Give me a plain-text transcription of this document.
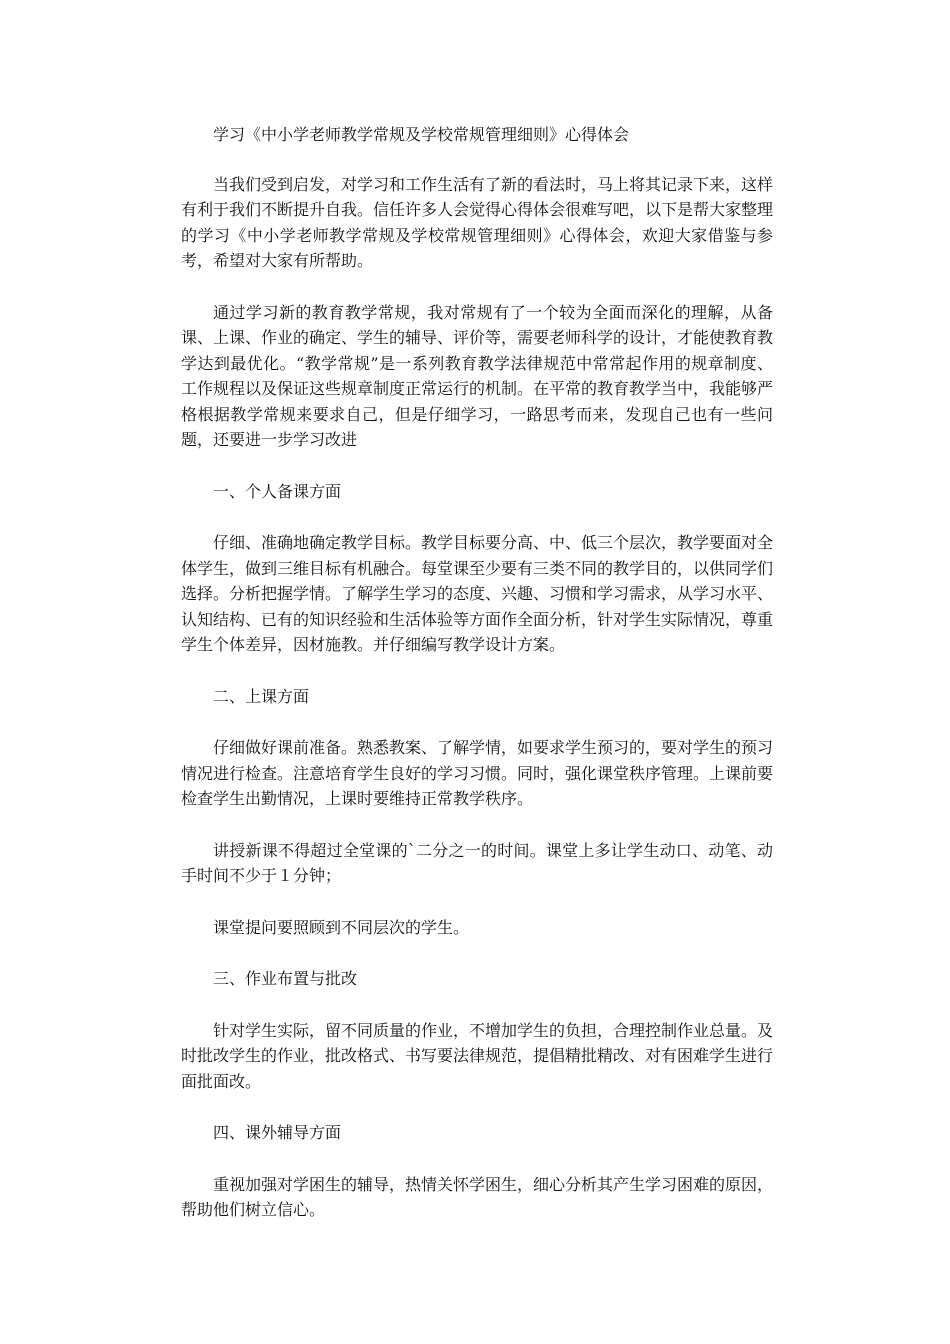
学习《中小学老师教学常规及学校常规管理细则》心得体会

当我们受到启发，对学习和工作生活有了新的看法时，马上将其记录下来，这样有利于我们不断提升自我。信任许多人会觉得心得体会很难写吧，以下是帮大家整理的学习《中小学老师教学常规及学校常规管理细则》心得体会，欢迎大家借鉴与参考，希望对大家有所帮助。

通过学习新的教育教学常规，我对常规有了一个较为全面而深化的理解，从备课、上课、作业的确定、学生的辅导、评价等，需要老师科学的设计，才能使教育教学达到最优化。“教学常规”是一系列教育教学法律规范中常常起作用的规章制度、工作规程以及保证这些规章制度正常运行的机制。在平常的教育教学当中，我能够严格根据教学常规来要求自己，但是仔细学习，一路思考而来，发现自己也有一些问题，还要进一步学习改进

一、个人备课方面

仔细、准确地确定教学目标。教学目标要分高、中、低三个层次，教学要面对全体学生，做到三维目标有机融合。每堂课至少要有三类不同的教学目的，以供同学们选择。分析把握学情。了解学生学习的态度、兴趣、习惯和学习需求，从学习水平、认知结构、已有的知识经验和生活体验等方面作全面分析，针对学生实际情况，尊重学生个体差异，因材施教。并仔细编写教学设计方案。

二、上课方面

仔细做好课前准备。熟悉教案、了解学情，如要求学生预习的，要对学生的预习情况进行检查。注意培育学生良好的学习习惯。同时，强化课堂秩序管理。上课前要检查学生出勤情况，上课时要维持正常教学秩序。

讲授新课不得超过全堂课的`二分之一的时间。课堂上多让学生动口、动笔、动手时间不少于１分钟；

课堂提问要照顾到不同层次的学生。

三、作业布置与批改

针对学生实际，留不同质量的作业，不增加学生的负担，合理控制作业总量。及时批改学生的作业，批改格式、书写要法律规范，提倡精批精改、对有困难学生进行面批面改。

四、课外辅导方面

重视加强对学困生的辅导，热情关怀学困生，细心分析其产生学习困难的原因，帮助他们树立信心。
